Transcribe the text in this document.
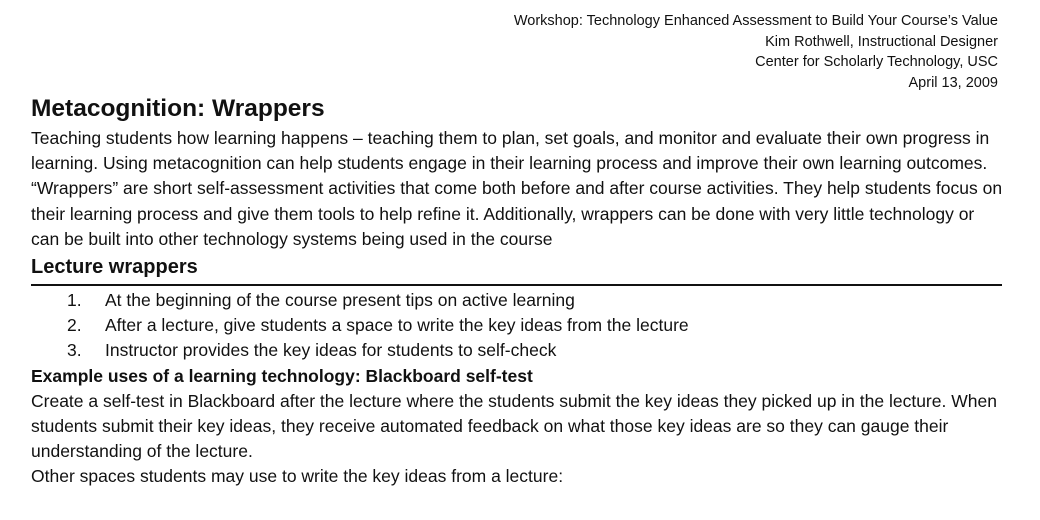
Workshop: Technology Enhanced Assessment to Build Your Course’s Value
Kim Rothwell, Instructional Designer
Center for Scholarly Technology, USC
April 13, 2009
Metacognition: Wrappers

Teaching students how learning happens – teaching them to plan, set goals, and monitor and evaluate their own progress in learning. Using metacognition can help students engage in their learning process and improve their own learning outcomes.

“Wrappers” are short self-assessment activities that come both before and after course activities. They help students focus on their learning process and give them tools to help refine it. Additionally, wrappers can be done with very little technology or can be built into other technology systems being used in the course

Lecture wrappers
1.	At the beginning of the course present tips on active learning
2.	After a lecture, give students a space to write the key ideas from the lecture
3.	Instructor provides the key ideas for students to self-check

Example uses of a learning technology: Blackboard self-test

Create a self-test in Blackboard after the lecture where the students submit the key ideas they picked up in the lecture. When students submit their key ideas, they receive automated feedback on what those key ideas are so they can gauge their understanding of the lecture.

Other spaces students may use to write the key ideas from a lecture:
